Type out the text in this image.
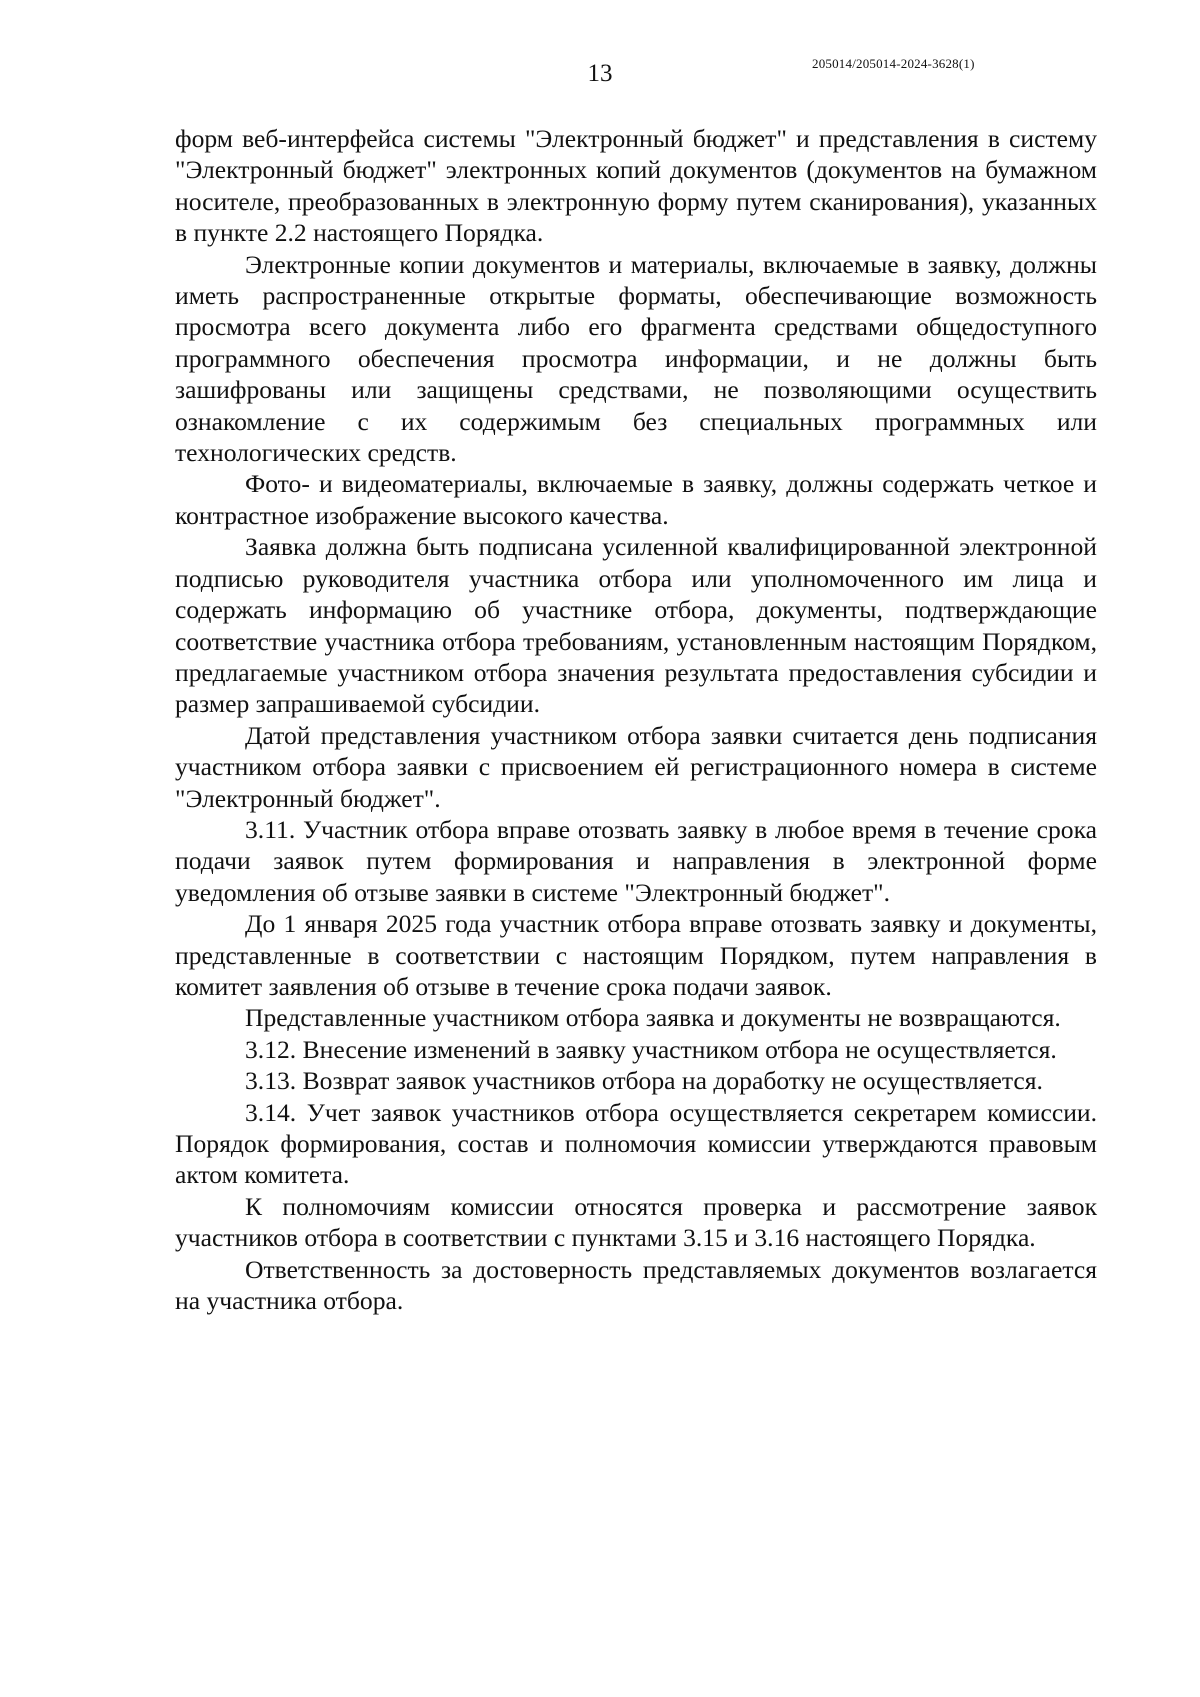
13	205014/205014-2024-3628(1)

форм веб-интерфейса системы "Электронный бюджет" и представления в систему "Электронный бюджет" электронных копий документов (документов на бумажном носителе, преобразованных в электронную форму путем сканирования), указанных в пункте 2.2 настоящего Порядка.

Электронные копии документов и материалы, включаемые в заявку, должны иметь распространенные открытые форматы, обеспечивающие возможность просмотра всего документа либо его фрагмента средствами общедоступного программного обеспечения просмотра информации, и не должны быть зашифрованы или защищены средствами, не позволяющими осуществить ознакомление с их содержимым без специальных программных или технологических средств.

Фото- и видеоматериалы, включаемые в заявку, должны содержать четкое и контрастное изображение высокого качества.

Заявка должна быть подписана усиленной квалифицированной электронной подписью руководителя участника отбора или уполномоченного им лица и содержать информацию об участнике отбора, документы, подтверждающие соответствие участника отбора требованиям, установленным настоящим Порядком, предлагаемые участником отбора значения результата предоставления субсидии и размер запрашиваемой субсидии.

Датой представления участником отбора заявки считается день подписания участником отбора заявки с присвоением ей регистрационного номера в системе "Электронный бюджет".

3.11. Участник отбора вправе отозвать заявку в любое время в течение срока подачи заявок путем формирования и направления в электронной форме уведомления об отзыве заявки в системе "Электронный бюджет".

До 1 января 2025 года участник отбора вправе отозвать заявку и документы, представленные в соответствии с настоящим Порядком, путем направления в комитет заявления об отзыве в течение срока подачи заявок.

Представленные участником отбора заявка и документы не возвращаются.

3.12. Внесение изменений в заявку участником отбора не осуществляется.

3.13. Возврат заявок участников отбора на доработку не осуществляется.

3.14. Учет заявок участников отбора осуществляется секретарем комиссии. Порядок формирования, состав и полномочия комиссии утверждаются правовым актом комитета.

К полномочиям комиссии относятся проверка и рассмотрение заявок участников отбора в соответствии с пунктами 3.15 и 3.16 настоящего Порядка.

Ответственность за достоверность представляемых документов возлагается на участника отбора.
